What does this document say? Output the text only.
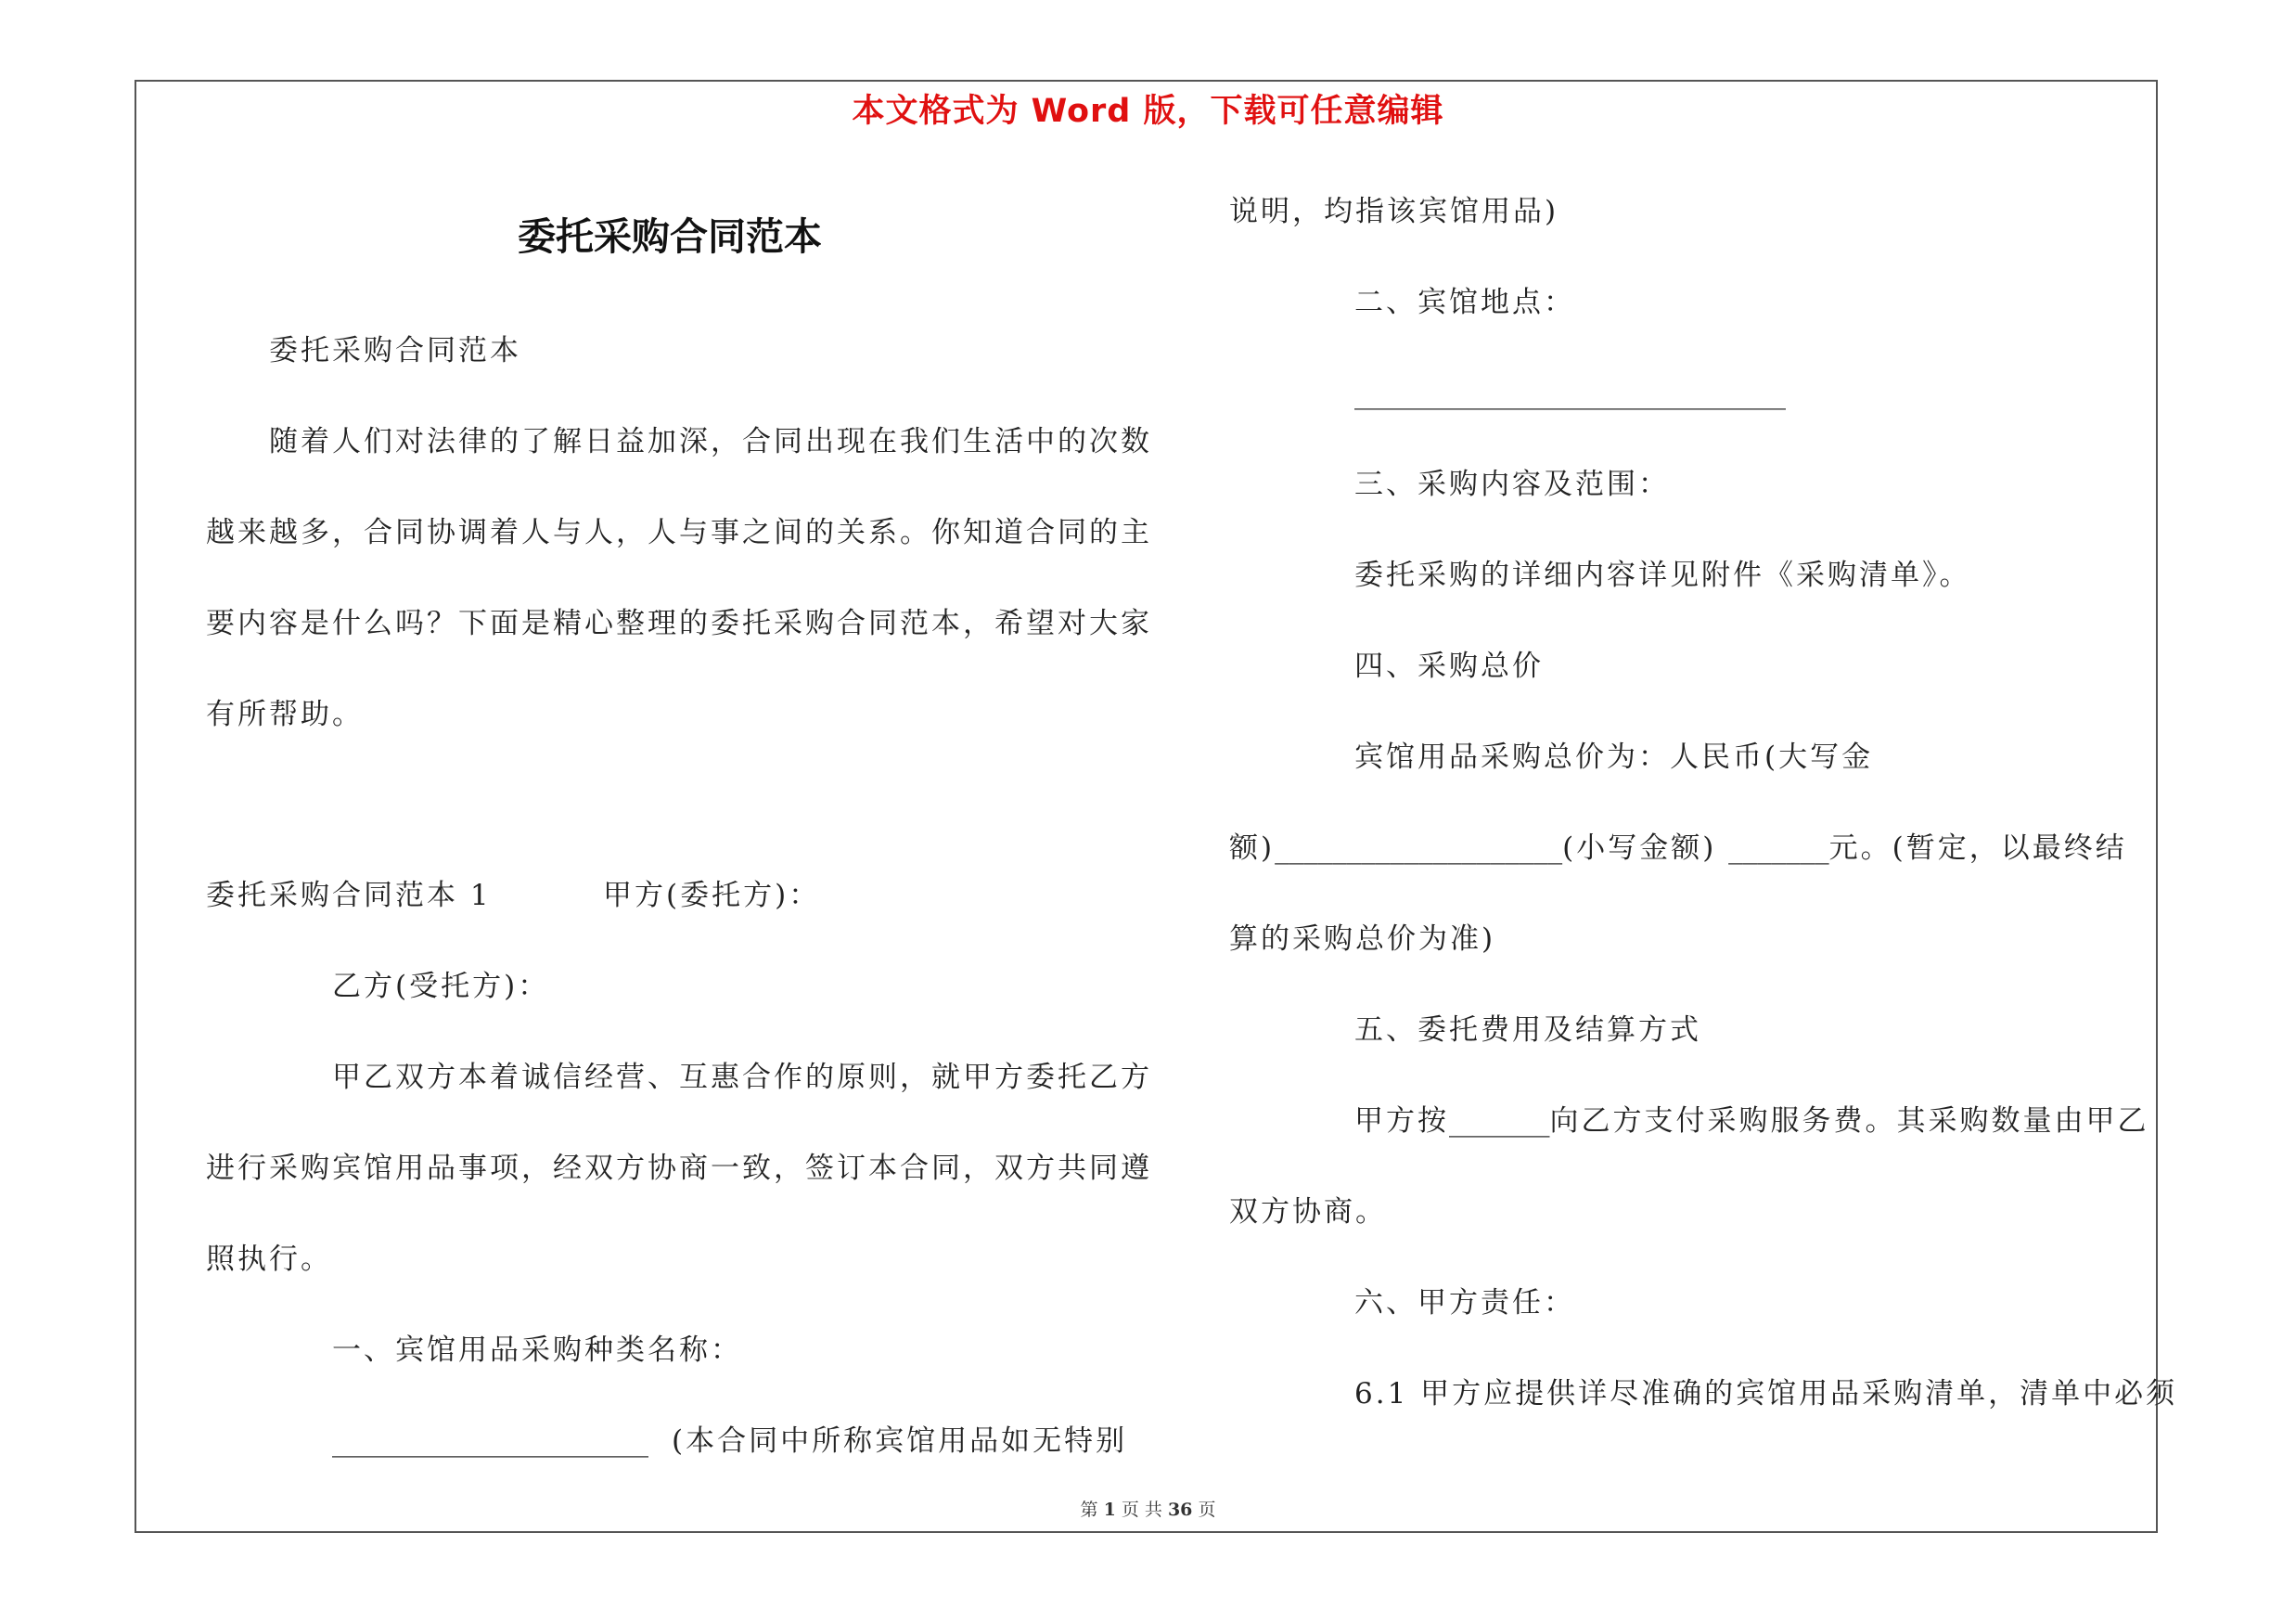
本文格式为 Word 版，下载可任意编辑
委托采购合同范本
委托采购合同范本
随着人们对法律的了解日益加深，合同出现在我们生活中的次数
越来越多，合同协调着人与人，人与事之间的关系。你知道合同的主
要内容是什么吗？下面是精心整理的委托采购合同范本，希望对大家
有所帮助。
委托采购合同范本 1	甲方(委托方)：
乙方(受托方)：
甲乙双方本着诚信经营、互惠合作的原则，就甲方委托乙方
进行采购宾馆用品事项，经双方协商一致，签订本合同，双方共同遵
照执行。
一、宾馆用品采购种类名称：
______________________ (本合同中所称宾馆用品如无特别
说明，均指该宾馆用品)
二、宾馆地点：
______________________________
三、采购内容及范围：
委托采购的详细内容详见附件《采购清单》。
四、采购总价
宾馆用品采购总价为：人民币(大写金
额)____________________(小写金额) _______元。(暂定，以最终结
算的采购总价为准)
五、委托费用及结算方式
甲方按_______向乙方支付采购服务费。其采购数量由甲乙
双方协商。
六、甲方责任：
6.1 甲方应提供详尽准确的宾馆用品采购清单，清单中必须
第 1 页 共 36 页
